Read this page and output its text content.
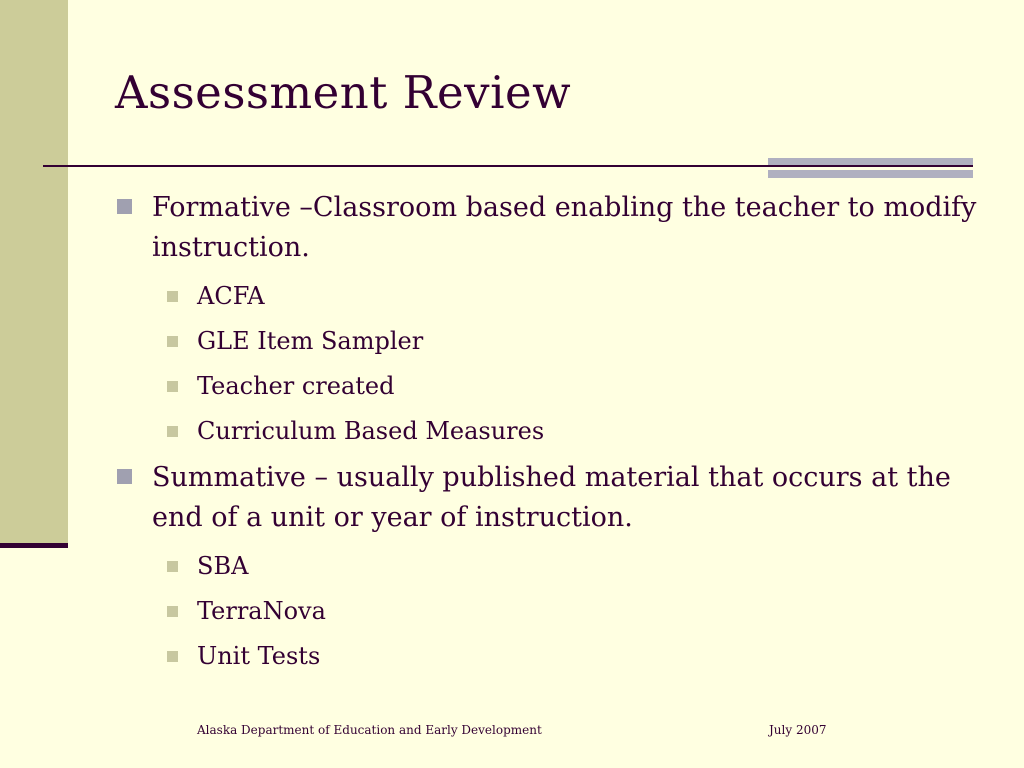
Assessment Review
Formative –Classroom based enabling the teacher to modify instruction.
ACFA
GLE Item Sampler
Teacher created
Curriculum Based Measures
Summative – usually published material that occurs at the end of a unit or year of instruction.
SBA
TerraNova
Unit Tests
Alaska Department of Education and Early Development	July 2007
